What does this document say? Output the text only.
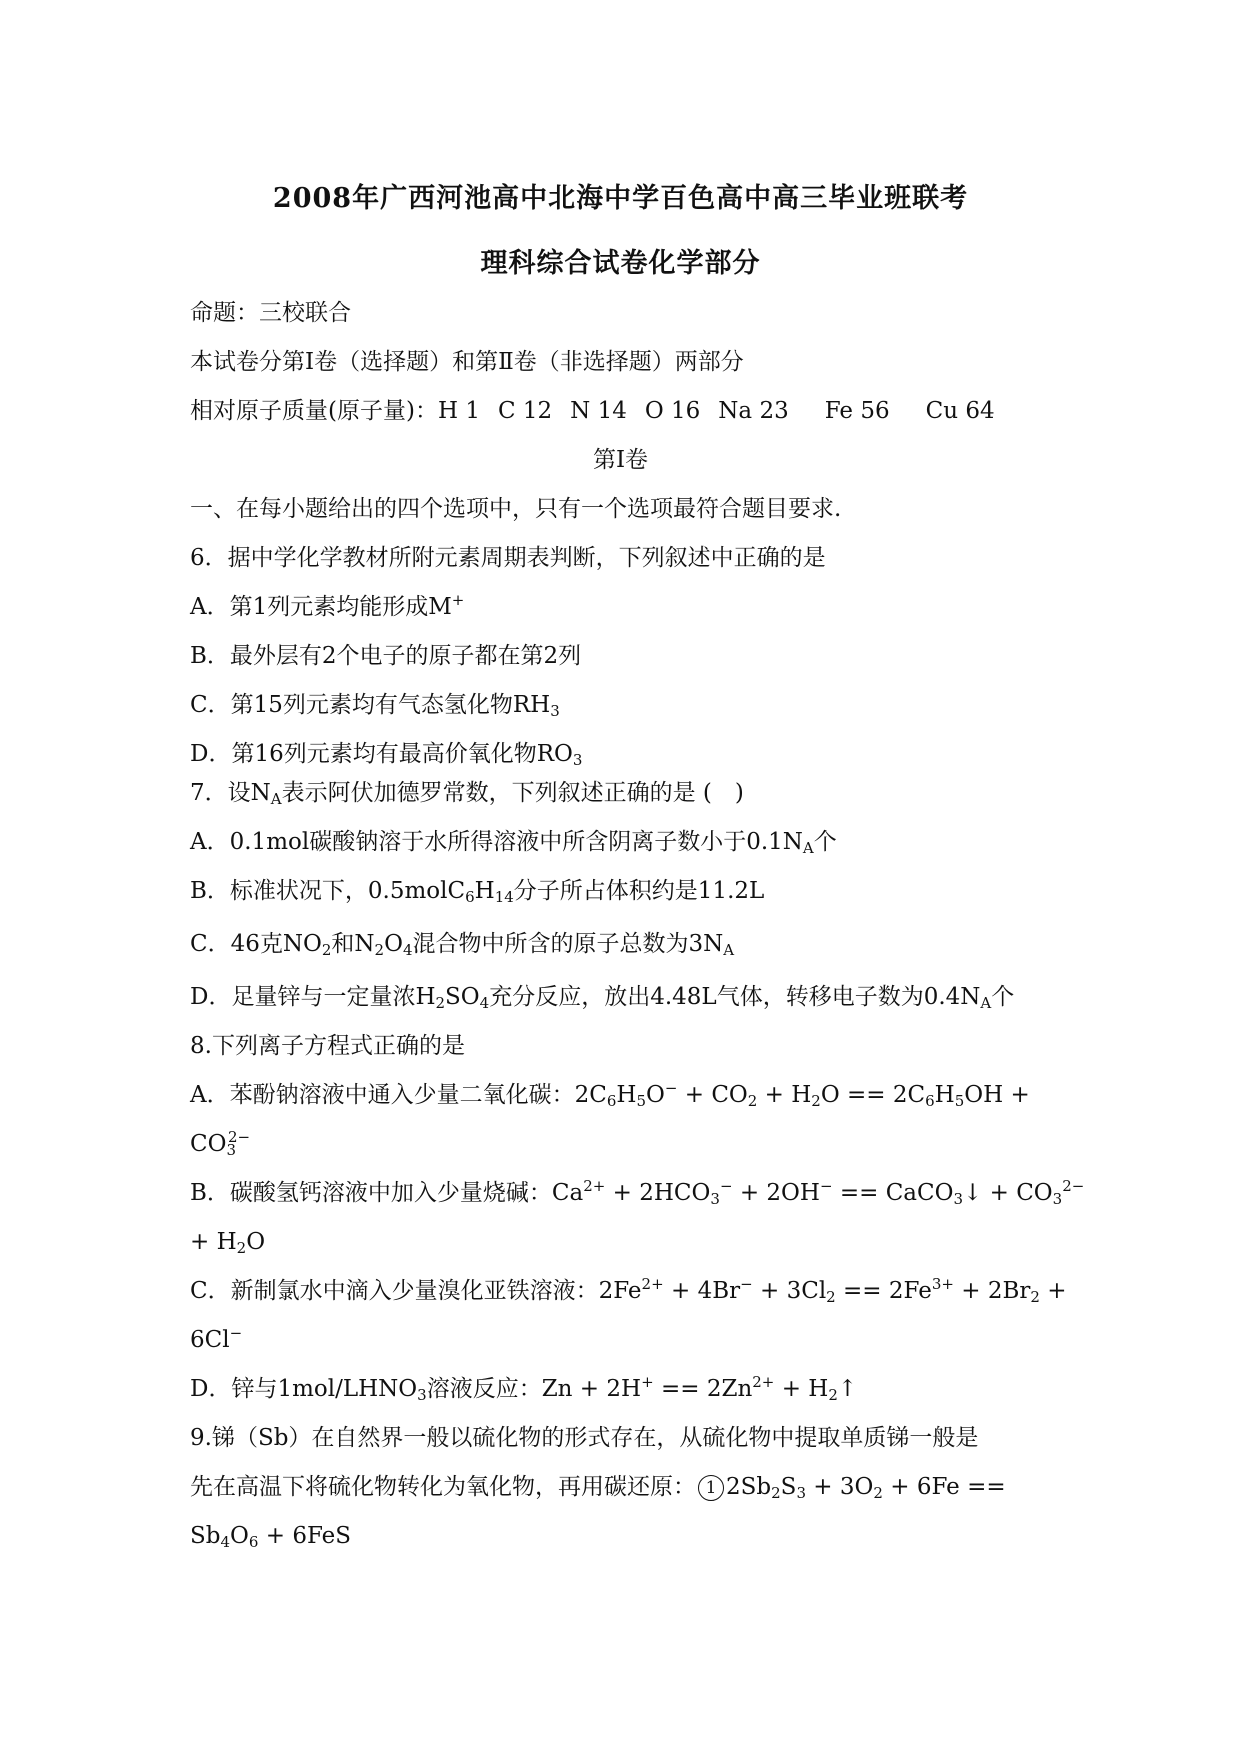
2008年广西河池高中北海中学百色高中高三毕业班联考
理科综合试卷化学部分
命题：三校联合
本试卷分第Ⅰ卷（选择题）和第Ⅱ卷（非选择题）两部分
相对原子质量(原子量)：H 1 C 12 N 14 O 16 Na 23 Fe 56 Cu 64
第Ⅰ卷
一、在每小题给出的四个选项中，只有一个选项最符合题目要求.
6．据中学化学教材所附元素周期表判断，下列叙述中正确的是
A．第1列元素均能形成M+
B．最外层有2个电子的原子都在第2列
C．第15列元素均有气态氢化物$RH_3$
D．第16列元素均有最高价氧化物$RO_3$
7．设$N_A$表示阿伏加德罗常数，下列叙述正确的是 (　)
A．0.1mol碳酸钠溶于水所得溶液中所含阴离子数小于$0.1N_A$个
B．标准状况下，$0.5molC_6H_{14}$分子所占体积约是11.2L
C．46克$NO_2$和$N_2O_4$混合物中所含的原子总数为$3N_A$
D．足量锌与一定量浓$H_2SO_4$充分反应，放出4.48L气体，转移电子数为$0.4N_A$个
8.下列离子方程式正确的是
A．苯酚钠溶液中通入少量二氧化碳：$2C_6H_5O^- + CO_2 + H_2O == 2C_6H_5OH$ +
$CO_3^{2-}$
B．碳酸氢钙溶液中加入少量烧碱：$Ca^{2+} + 2HCO_3^- + 2OH^-$ == CaCO$_3$↓ + $CO_3^{2-}$
+ $H_2O$
C．新制氯水中滴入少量溴化亚铁溶液：$2Fe^{2+} + 4Br^- + 3Cl_2 == 2Fe^{3+} + 2Br_2$ +
6Cl−
D．锌与$1mol/LHNO_3$溶液反应：$Zn + 2H^+ == 2Zn^{2+}$ + $H_2↑$
9.锑（Sb）在自然界一般以硫化物的形式存在，从硫化物中提取单质锑一般是
先在高温下将硫化物转化为氧化物，再用碳还原： 1 $2Sb_2S_3 + 3O_2 + 6Fe$ ==
$Sb_4O_6 + 6FeS$
